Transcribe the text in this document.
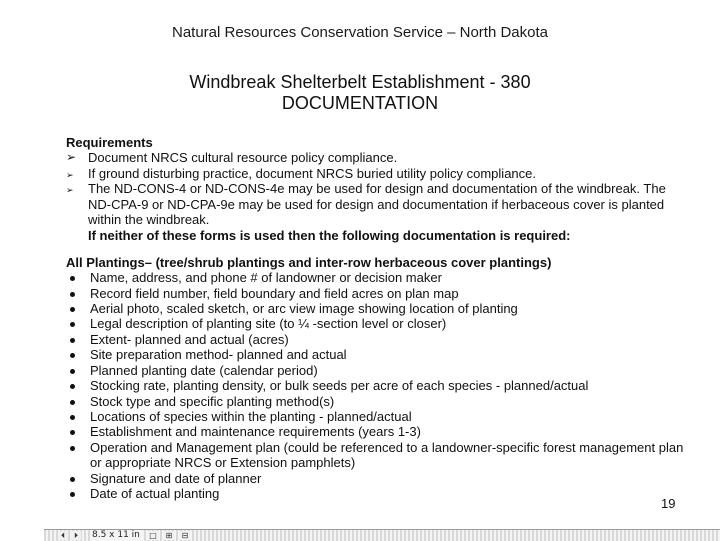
Natural Resources Conservation Service – North Dakota
Windbreak Shelterbelt Establishment - 380
DOCUMENTATION
Requirements
➢ Document NRCS cultural resource policy compliance.
➢	If ground disturbing practice, document NRCS buried utility policy compliance.
➢	The ND-CONS-4 or ND-CONS-4e may be used for design and documentation of the windbreak. The ND-CPA-9 or ND-CPA-9e may be used for design and documentation if herbaceous cover is planted within the windbreak.
If neither of these forms is used then the following documentation is required:
All Plantings– (tree/shrub plantings and inter-row herbaceous cover plantings)
Name, address, and phone # of landowner or decision maker
Record field number, field boundary and field acres on plan map
Aerial photo, scaled sketch, or arc view image showing location of planting
Legal description of planting site (to ¼ -section level or closer)
Extent- planned and actual (acres)
Site preparation method- planned and actual
Planned planting date (calendar period)
Stocking rate, planting density, or bulk seeds per acre of each species - planned/actual
Stock type and specific planting method(s)
Locations of species within the planting - planned/actual
Establishment and maintenance requirements (years 1-3)
Operation and Management plan (could be referenced to a landowner-specific forest management plan or appropriate NRCS or Extension pamphlets)
Signature and date of planner
Date of actual planting
19
⏴	⏵	8.5 x 11 in	□ ⊞ ⊟
